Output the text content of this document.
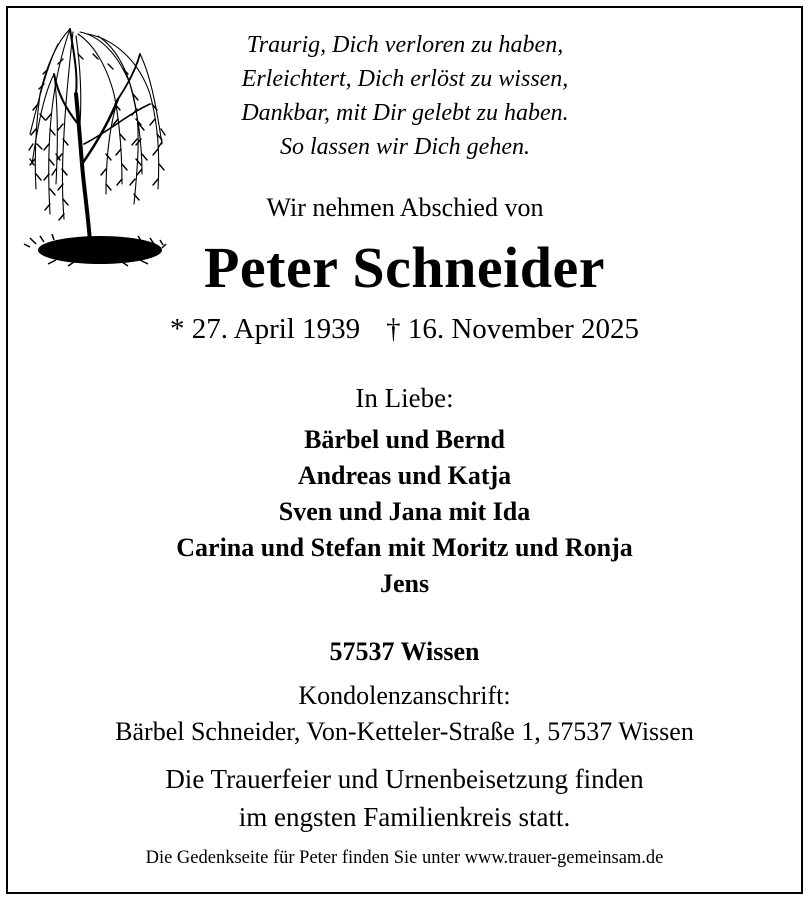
Traurig, Dich verloren zu haben,
Erleichtert, Dich erlöst zu wissen,
Dankbar, mit Dir gelebt zu haben.
So lassen wir Dich gehen.
Wir nehmen Abschied von
Peter Schneider
* 27. April 1939 † 16. November 2025
In Liebe:
Bärbel und Bernd
Andreas und Katja
Sven und Jana mit Ida
Carina und Stefan mit Moritz und Ronja
Jens
57537 Wissen
Kondolenzanschrift:
Bärbel Schneider, Von-Ketteler-Straße 1, 57537 Wissen
Die Trauerfeier und Urnenbeisetzung finden
im engsten Familienkreis statt.
Die Gedenkseite für Peter finden Sie unter www.trauer-gemeinsam.de
